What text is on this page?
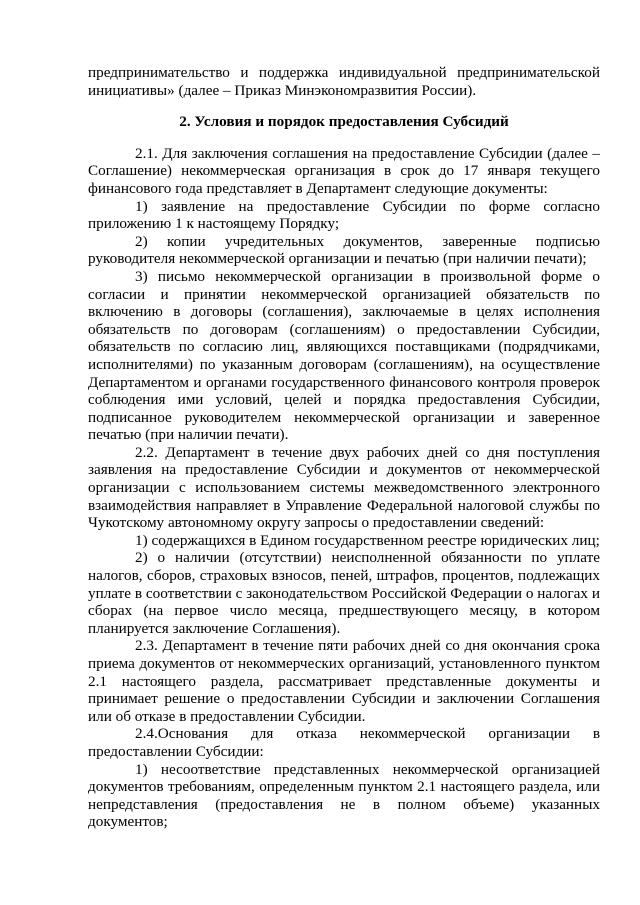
предпринимательство и поддержка индивидуальной предпринимательской инициативы» (далее – Приказ Минэкономразвития России).

2. Условия и порядок предоставления Субсидий

2.1. Для заключения соглашения на предоставление Субсидии (далее – Соглашение) некоммерческая организация в срок до 17 января текущего финансового года представляет в Департамент следующие документы:

1) заявление на предоставление Субсидии по форме согласно приложению 1 к настоящему Порядку;

2) копии учредительных документов, заверенные подписью руководителя некоммерческой организации и печатью (при наличии печати);

3) письмо некоммерческой организации в произвольной форме о согласии и принятии некоммерческой организацией обязательств по включению в договоры (соглашения), заключаемые в целях исполнения обязательств по договорам (соглашениям) о предоставлении Субсидии, обязательств по согласию лиц, являющихся поставщиками (подрядчиками, исполнителями) по указанным договорам (соглашениям), на осуществление Департаментом и органами государственного финансового контроля проверок соблюдения ими условий, целей и порядка предоставления Субсидии, подписанное руководителем некоммерческой организации и заверенное печатью (при наличии печати).

2.2. Департамент в течение двух рабочих дней со дня поступления заявления на предоставление Субсидии и документов от некоммерческой организации с использованием системы межведомственного электронного взаимодействия направляет в Управление Федеральной налоговой службы по Чукотскому автономному округу запросы о предоставлении сведений:

1) содержащихся в Едином государственном реестре юридических лиц;

2) о наличии (отсутствии) неисполненной обязанности по уплате налогов, сборов, страховых взносов, пеней, штрафов, процентов, подлежащих уплате в соответствии с законодательством Российской Федерации о налогах и сборах (на первое число месяца, предшествующего месяцу, в котором планируется заключение Соглашения).

2.3. Департамент в течение пяти рабочих дней со дня окончания срока приема документов от некоммерческих организаций, установленного пунктом 2.1 настоящего раздела, рассматривает представленные документы и принимает решение о предоставлении Субсидии и заключении Соглашения или об отказе в предоставлении Субсидии.

2.4.Основания для отказа некоммерческой организации в предоставлении Субсидии:

1) несоответствие представленных некоммерческой организацией документов требованиям, определенным пунктом 2.1 настоящего раздела, или непредставления (предоставления не в полном объеме) указанных документов;
